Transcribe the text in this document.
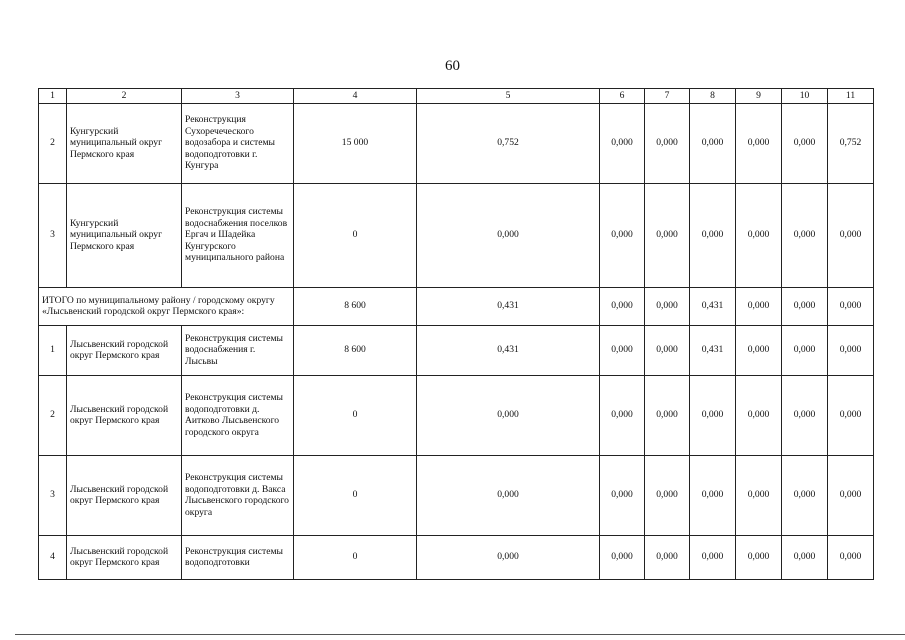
60
1	2	3	4	5	6	7	8	9	10	11
2	Кунгурский муниципальный округ Пермского края	Реконструкция Сухоречеческого водозабора и системы водоподготовки г. Кунгура	15 000	0,752	0,000	0,000	0,000	0,000	0,000	0,752
3	Кунгурский муниципальный округ Пермского края	Реконструкция системы водоснабжения поселков Ергач и Шадейка Кунгурского муниципального района	0	0,000	0,000	0,000	0,000	0,000	0,000	0,000
ИТОГО по муниципальному району / городскому округу «Лысьвенский городской округ Пермского края»:			8 600	0,431	0,000	0,000	0,431	0,000	0,000	0,000
1	Лысьвенский городской округ Пермского края	Реконструкция системы водоснабжения г. Лысьвы	8 600	0,431	0,000	0,000	0,431	0,000	0,000	0,000
2	Лысьвенский городской округ Пермского края	Реконструкция системы водоподготовки д. Аитково Лысьвенского городского округа	0	0,000	0,000	0,000	0,000	0,000	0,000	0,000
3	Лысьвенский городской округ Пермского края	Реконструкция системы водоподготовки д. Вакса Лысьвенского городского округа	0	0,000	0,000	0,000	0,000	0,000	0,000	0,000
4	Лысьвенский городской округ Пермского края	Реконструкция системы водоподготовки	0	0,000	0,000	0,000	0,000	0,000	0,000	0,000
